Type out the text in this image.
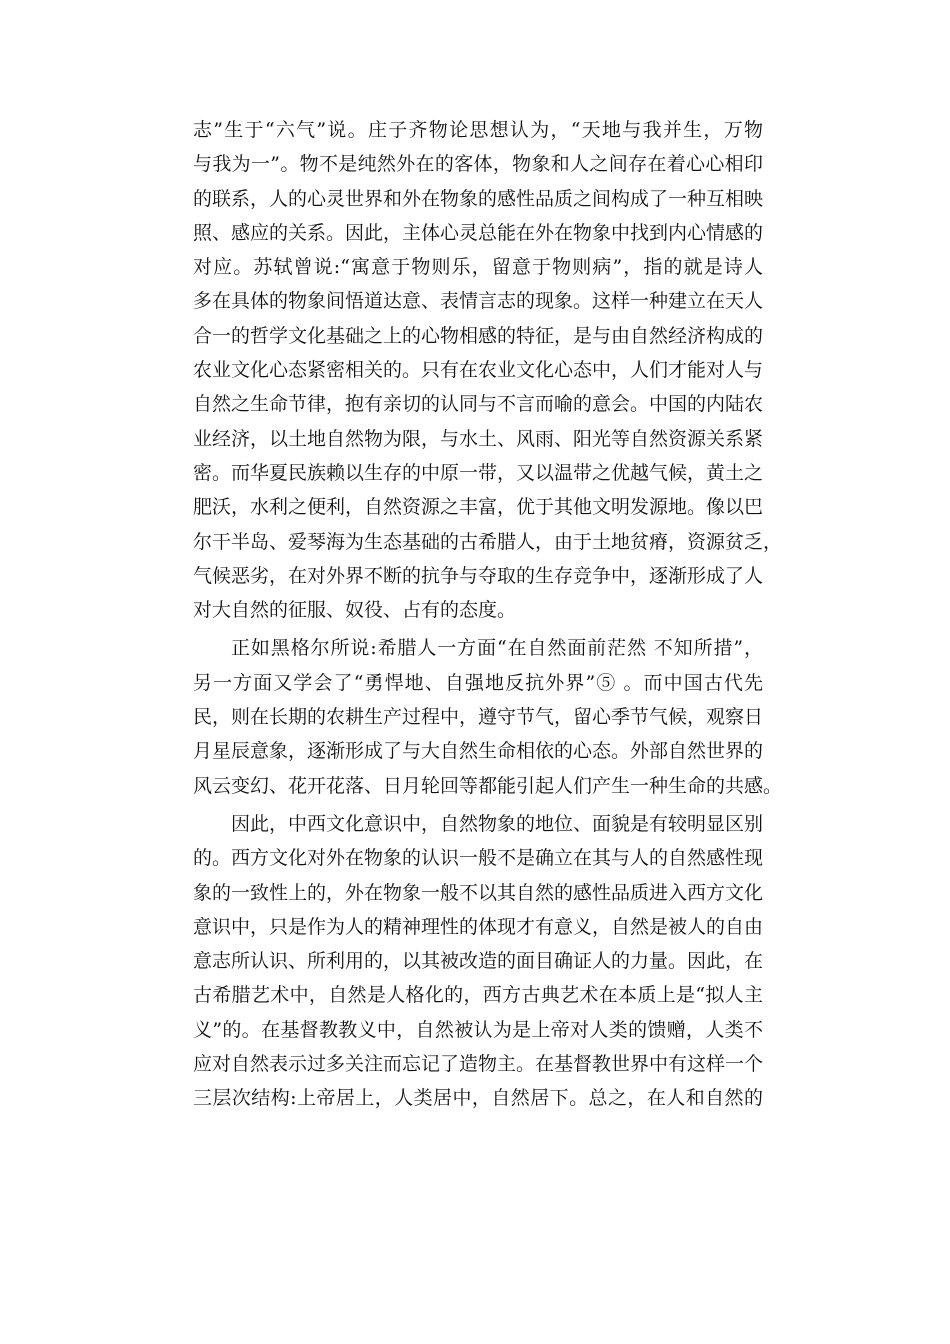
志”生于“六气”说。庄子齐物论思想认为，“天地与我并生，万物
与我为一”。物不是纯然外在的客体，物象和人之间存在着心心相印
的联系，人的心灵世界和外在物象的感性品质之间构成了一种互相映
照、感应的关系。因此，主体心灵总能在外在物象中找到内心情感的
对应。苏轼曾说:“寓意于物则乐，留意于物则病”，指的就是诗人
多在具体的物象间悟道达意、表情言志的现象。这样一种建立在天人
合一的哲学文化基础之上的心物相感的特征，是与由自然经济构成的
农业文化心态紧密相关的。只有在农业文化心态中，人们才能对人与
自然之生命节律，抱有亲切的认同与不言而喻的意会。中国的内陆农
业经济，以土地自然物为限，与水土、风雨、阳光等自然资源关系紧
密。而华夏民族赖以生存的中原一带，又以温带之优越气候，黄土之
肥沃，水利之便利，自然资源之丰富，优于其他文明发源地。像以巴
尔干半岛、爱琴海为生态基础的古希腊人，由于土地贫瘠，资源贫乏，
气候恶劣，在对外界不断的抗争与夺取的生存竞争中，逐渐形成了人
对大自然的征服、奴役、占有的态度。
正如黑格尔所说:希腊人一方面“在自然面前茫然 不知所措”，
另一方面又学会了“勇悍地、自强地反抗外界”⑤ 。而中国古代先
民，则在长期的农耕生产过程中，遵守节气，留心季节气候，观察日
月星辰意象，逐渐形成了与大自然生命相依的心态。外部自然世界的
风云变幻、花开花落、日月轮回等都能引起人们产生一种生命的共感。
因此，中西文化意识中，自然物象的地位、面貌是有较明显区别
的。西方文化对外在物象的认识一般不是确立在其与人的自然感性现
象的一致性上的，外在物象一般不以其自然的感性品质进入西方文化
意识中，只是作为人的精神理性的体现才有意义，自然是被人的自由
意志所认识、所利用的，以其被改造的面目确证人的力量。因此，在
古希腊艺术中，自然是人格化的，西方古典艺术在本质上是“拟人主
义”的。在基督教教义中，自然被认为是上帝对人类的馈赠，人类不
应对自然表示过多关注而忘记了造物主。在基督教世界中有这样一个
三层次结构:上帝居上，人类居中，自然居下。总之，在人和自然的
